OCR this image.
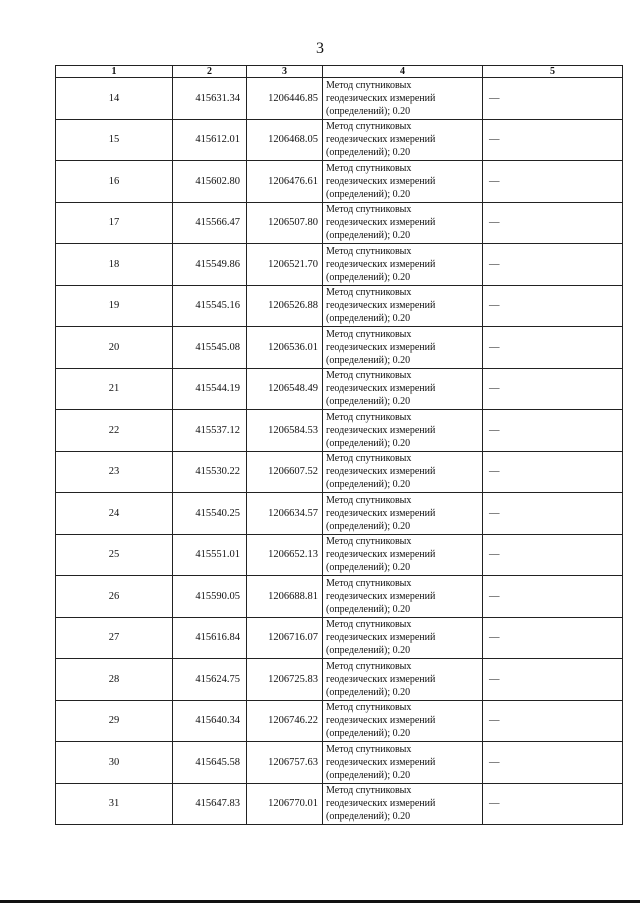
3
1	2	3	4	5
14	415631.34	1206446.85	Метод спутниковых
геодезических измерений
(определений); 0.20	—
15	415612.01	1206468.05	Метод спутниковых
геодезических измерений
(определений); 0.20	—
16	415602.80	1206476.61	Метод спутниковых
геодезических измерений
(определений); 0.20	—
17	415566.47	1206507.80	Метод спутниковых
геодезических измерений
(определений); 0.20	—
18	415549.86	1206521.70	Метод спутниковых
геодезических измерений
(определений); 0.20	—
19	415545.16	1206526.88	Метод спутниковых
геодезических измерений
(определений); 0.20	—
20	415545.08	1206536.01	Метод спутниковых
геодезических измерений
(определений); 0.20	—
21	415544.19	1206548.49	Метод спутниковых
геодезических измерений
(определений); 0.20	—
22	415537.12	1206584.53	Метод спутниковых
геодезических измерений
(определений); 0.20	—
23	415530.22	1206607.52	Метод спутниковых
геодезических измерений
(определений); 0.20	—
24	415540.25	1206634.57	Метод спутниковых
геодезических измерений
(определений); 0.20	—
25	415551.01	1206652.13	Метод спутниковых
геодезических измерений
(определений); 0.20	—
26	415590.05	1206688.81	Метод спутниковых
геодезических измерений
(определений); 0.20	—
27	415616.84	1206716.07	Метод спутниковых
геодезических измерений
(определений); 0.20	—
28	415624.75	1206725.83	Метод спутниковых
геодезических измерений
(определений); 0.20	—
29	415640.34	1206746.22	Метод спутниковых
геодезических измерений
(определений); 0.20	—
30	415645.58	1206757.63	Метод спутниковых
геодезических измерений
(определений); 0.20	—
31	415647.83	1206770.01	Метод спутниковых
геодезических измерений
(определений); 0.20	—
